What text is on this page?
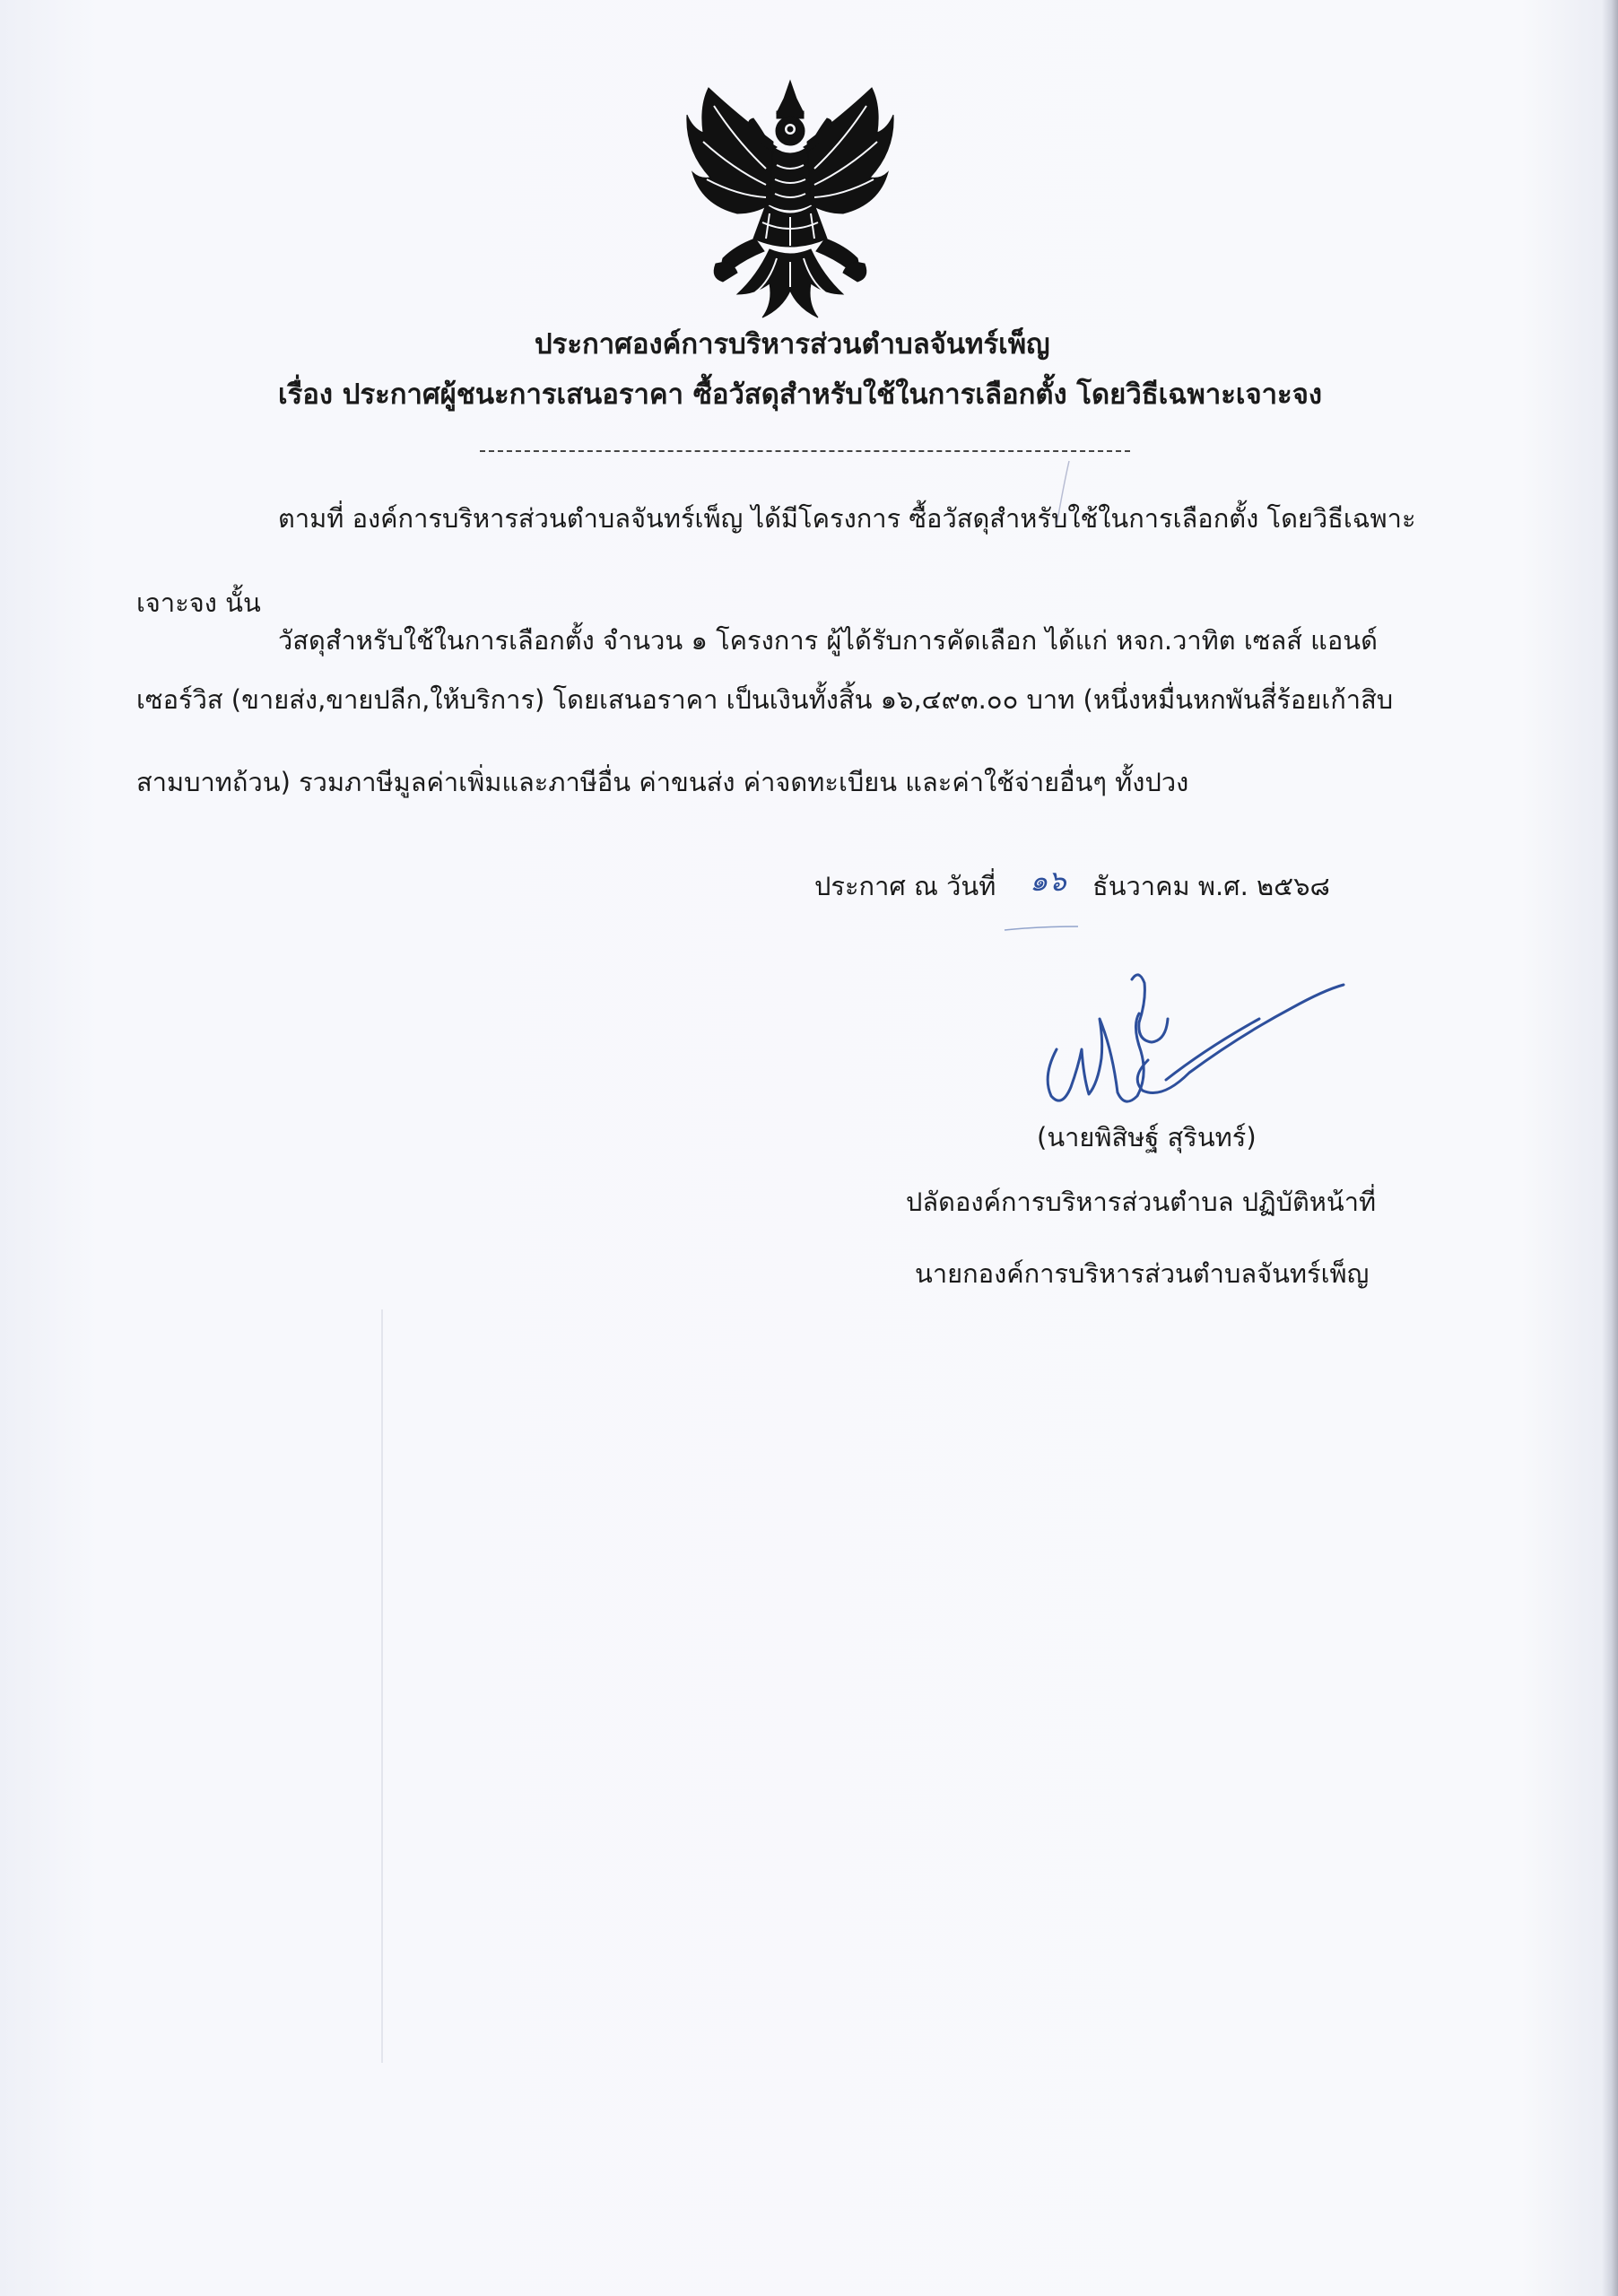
ประกาศองค์การบริหารส่วนตำบลจันทร์เพ็ญ
เรื่อง ประกาศผู้ชนะการเสนอราคา ซื้อวัสดุสำหรับใช้ในการเลือกตั้ง โดยวิธีเฉพาะเจาะจง
ตามที่ องค์การบริหารส่วนตำบลจันทร์เพ็ญ ได้มีโครงการ ซื้อวัสดุสำหรับใช้ในการเลือกตั้ง โดยวิธีเฉพาะ
เจาะจง นั้น
วัสดุสำหรับใช้ในการเลือกตั้ง จำนวน ๑ โครงการ ผู้ได้รับการคัดเลือก ได้แก่ หจก.วาทิต เซลส์ แอนด์
เซอร์วิส (ขายส่ง,ขายปลีก,ให้บริการ) โดยเสนอราคา เป็นเงินทั้งสิ้น ๑๖,๔๙๓.๐๐ บาท (หนึ่งหมื่นหกพันสี่ร้อยเก้าสิบ
สามบาทถ้วน) รวมภาษีมูลค่าเพิ่มและภาษีอื่น ค่าขนส่ง ค่าจดทะเบียน และค่าใช้จ่ายอื่นๆ ทั้งปวง
ประกาศ ณ วันที่ ๑๖ ธันวาคม พ.ศ. ๒๕๖๘
(นายพิสิษฐ์ สุรินทร์)
ปลัดองค์การบริหารส่วนตำบล ปฏิบัติหน้าที่
นายกองค์การบริหารส่วนตำบลจันทร์เพ็ญ
